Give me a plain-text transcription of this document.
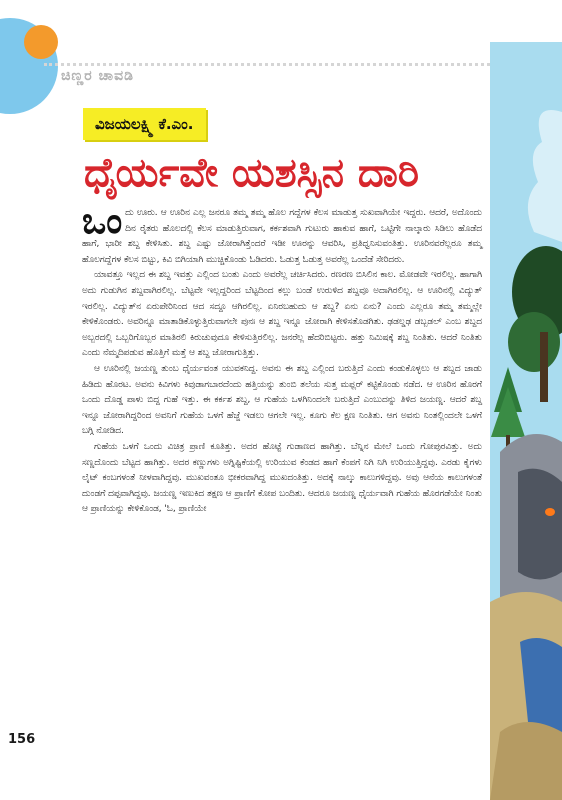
ಚಿಣ್ಣರ ಚಾವಡಿ
ವಿಜಯಲಕ್ಷ್ಮಿ ಕೆ.ಎಂ.
ಧೈರ್ಯವೇ ಯಶಸ್ಸಿನ ದಾರಿ

ಒಂದು ಊರು. ಆ ಊರಿನ ಎಲ್ಲ ಜನರೂ ತಮ್ಮ ತಮ್ಮ ಹೊಲ ಗದ್ದೆಗಳ ಕೆಲಸ ಮಾಡುತ್ತ ಸುಖವಾಗಿಯೇ ಇದ್ದರು. ಆದರೆ, ಅದೊಂದು ದಿನ ರೈತರು ಹೊಲದಲ್ಲಿ ಕೆಲಸ ಮಾಡುತ್ತಿರುವಾಗ, ಕರ್ಕಶವಾಗಿ ಗುಟುರು ಹಾಕುವ ಹಾಗೆ, ಒಟ್ಟಿಗೇ ನಾಲ್ಕಾರು ಸಿಡಿಲು ಹೊಡೆದ ಹಾಗೆ, ಭಾರೀ ಶಬ್ದ ಕೇಳಿಸಿತು. ಶಬ್ದ ಎಷ್ಟು ಜೋರಾಗಿತ್ತೆಂದರೆ ಇಡೀ ಊರನ್ನು ಆವರಿಸಿ, ಪ್ರತಿಧ್ವನಿಸುವಂತಿತ್ತು. ಊರಿನವರೆಲ್ಲರೂ ತಮ್ಮ ಹೊಲಗದ್ದೆಗಳ ಕೆಲಸ ಬಿಟ್ಟು, ಕಿವಿ ಬಿಗಿಯಾಗಿ ಮುಚ್ಚಿಕೊಂಡು ಓಡಿದರು. ಓಡುತ್ತ ಓಡುತ್ತ ಅವರೆಲ್ಲ ಒಂದೆಡೆ ಸೇರಿದರು.

ಯಾವತ್ತೂ ಇಲ್ಲದ ಈ ಶಬ್ದ ಇವತ್ತು ಎಲ್ಲಿಂದ ಬಂತು ಎಂದು ಅವರೆಲ್ಲ ಚರ್ಚಿಸಿದರು. ರಣರಣ ಬಿಸಿಲಿನ ಕಾಲ. ಮೋಡವೇ ಇರಲಿಲ್ಲ. ಹಾಗಾಗಿ ಅದು ಗುಡುಗಿನ ಶಬ್ದವಾಗಿರಲಿಲ್ಲ. ಬೆಟ್ಟವೇ ಇಲ್ಲದ್ದರಿಂದ ಬೆಟ್ಟದಿಂದ ಕಲ್ಲು ಬಂಡೆ ಉರುಳಿದ ಶಬ್ದವೂ ಅದಾಗಿರಲಿಲ್ಲ. ಆ ಊರಿನಲ್ಲಿ ವಿದ್ಯುತ್ ಇರಲಿಲ್ಲ. ವಿದ್ಯುತ್‌ನ ಏರುಪೇರಿನಿಂದ ಆದ ಸದ್ದೂ ಆಗಿರಲಿಲ್ಲ. ಏನಿರಬಹುದು ಆ ಶಬ್ದ? ಏನು ಏನು? ಎಂದು ಎಲ್ಲರೂ ತಮ್ಮ ತಮ್ಮಲ್ಲೇ ಕೇಳಿಕೊಂಡರು. ಅವರಿನ್ನೂ ಮಾತಾಡಿಕೊಳ್ಳುತ್ತಿರುವಾಗಲೇ ಪುನಃ ಆ ಶಬ್ದ ಇನ್ನೂ ಜೋರಾಗಿ ಕೇಳಿಸತೊಡಗಿತು. ಢಡಲ್ಡಢ ಡಬ್ಬಡಲ್ ಎಂಬ ಶಬ್ದದ ಅಬ್ಬರದಲ್ಲಿ ಒಬ್ಬರಿಗೊಬ್ಬರ ಮಾತಿರಲಿ ಕಿರುಚುವುದೂ ಕೇಳಿಸುತ್ತಿರಲಿಲ್ಲ. ಜನರೆಲ್ಲ ಹೆದರಿಬಿಟ್ಟರು. ಹತ್ತು ನಿಮಿಷಕ್ಕೆ ಶಬ್ದ ನಿಂತಿತು. ಆದರೆ ನಿಂತಿತು ಎಂದು ನೆಮ್ಮದಿಪಡುವ ಹೊತ್ತಿಗೆ ಮತ್ತೆ ಆ ಶಬ್ದ ಜೋರಾಗುತ್ತಿತ್ತು.

ಆ ಊರಿನಲ್ಲಿ ಜಯಣ್ಣ ತುಂಬ ಧೈರ್ಯವಂತ ಯುವಕನಿದ್ದ. ಅವನು ಈ ಶಬ್ದ ಎಲ್ಲಿಂದ ಬರುತ್ತಿದೆ ಎಂದು ಕಂಡುಕೊಳ್ಳಲು ಆ ಶಬ್ದದ ಜಾಡು ಹಿಡಿದು ಹೊರಟ. ಅವನು ಕಿವಿಗಳು ಕಿವುಡಾಗಬಾರದೆಂದು ಹತ್ತಿಯನ್ನು ತುಂಬಿ ತಲೆಯ ಸುತ್ತ ಮಫ್ಲರ್ ಕಟ್ಟಿಕೊಂಡು ನಡೆದ. ಆ ಊರಿನ ಹೊರಗೆ ಒಂದು ದೊಡ್ಡ ಪಾಳು ಬಿದ್ದ ಗುಹೆ ಇತ್ತು. ಈ ಕರ್ಕಶ ಶಬ್ದ, ಆ ಗುಹೆಯ ಒಳಗಿನಿಂದಲೇ ಬರುತ್ತಿದೆ ಎಂಬುದನ್ನು ತಿಳಿದ ಜಯಣ್ಣ. ಆದರೆ ಶಬ್ದ ಇನ್ನೂ ಜೋರಾಗಿದ್ದರಿಂದ ಅವನಿಗೆ ಗುಹೆಯ ಒಳಗೆ ಹೆಜ್ಜೆ ಇಡಲು ಆಗಲೇ ಇಲ್ಲ. ಕೂಗು ಕೆಲ ಕ್ಷಣ ನಿಂತಿತು. ಆಗ ಅವನು ನಿಂತಲ್ಲಿಂದಲೇ ಒಳಗೆ ಬಗ್ಗಿ ನೋಡಿದ.

ಗುಹೆಯ ಒಳಗೆ ಒಂದು ವಿಚಿತ್ರ ಪ್ರಾಣಿ ಕೂತಿತ್ತು. ಅದರ ಹೊಟ್ಟೆ ಗುಡಾಣದ ಹಾಗಿತ್ತು. ಬೆನ್ನಿನ ಮೇಲೆ ಒಂದು ಗೋಪುರವಿತ್ತು. ಅದು ಸಣ್ಣದೊಂದು ಬೆಟ್ಟದ ಹಾಗಿತ್ತು. ಅದರ ಕಣ್ಣುಗಳು ಅಗ್ನಿಷ್ಟಿಕೆಯಲ್ಲಿ ಉರಿಯುವ ಕೆಂಡದ ಹಾಗೆ ಕೆಂಪಗೆ ನಿಗಿ ನಿಗಿ ಉರಿಯುತ್ತಿದ್ದವು. ಎರಡು ಕೈಗಳು ಲೈಟ್ ಕಂಬಗಳಂತೆ ನೀಳವಾಗಿದ್ದವು. ಮುಖವಂತೂ ಭೀಕರವಾಗಿದ್ದ ಮುಖದಂತಿತ್ತು. ಅದಕ್ಕೆ ನಾಲ್ಕು ಕಾಲುಗಳಿದ್ದವು. ಅವು ಆನೆಯ ಕಾಲುಗಳಂತೆ ದುಂಡಗೆ ದಪ್ಪವಾಗಿದ್ದವು. ಜಯಣ್ಣ ಇಣುಕಿದ ತಕ್ಷಣ ಆ ಪ್ರಾಣಿಗೆ ಕೋಪ ಬಂದಿತು. ಆದರೂ ಜಯಣ್ಣ ಧೈರ್ಯವಾಗಿ ಗುಹೆಯ ಹೊರಗಡೆಯೇ ನಿಂತು ಆ ಪ್ರಾಣಿಯನ್ನು ಕೇಳಿಕೊಂಡ, 'ಓ, ಪ್ರಾಣಿಯೇ

156
